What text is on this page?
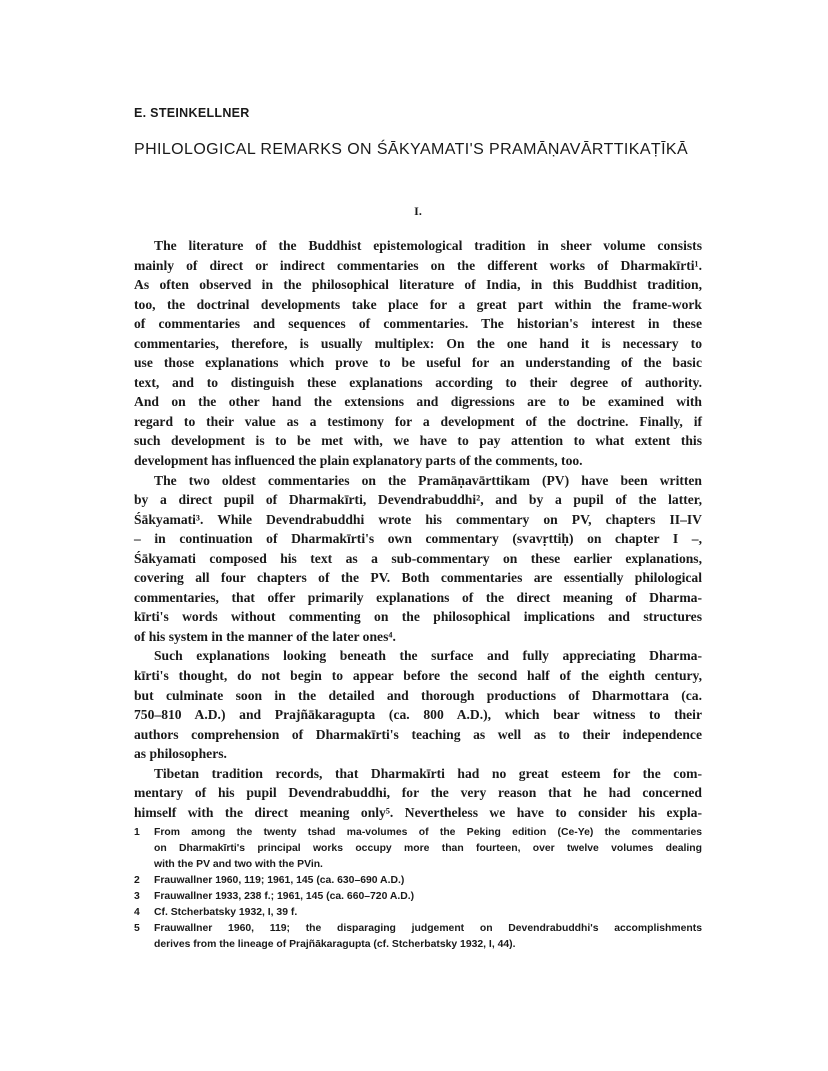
E. STEINKELLNER
PHILOLOGICAL REMARKS ON ŚĀKYAMATI'S PRAMĀṆAVĀRTTIKAṬĪKĀ
I.
The literature of the Buddhist epistemological tradition in sheer volume consists
mainly of direct or indirect commentaries on the different works of Dharmakīrti¹.
As often observed in the philosophical literature of India, in this Buddhist tradition,
too, the doctrinal developments take place for a great part within the frame-work
of commentaries and sequences of commentaries. The historian's interest in these
commentaries, therefore, is usually multiplex: On the one hand it is necessary to
use those explanations which prove to be useful for an understanding of the basic
text, and to distinguish these explanations according to their degree of authority.
And on the other hand the extensions and digressions are to be examined with
regard to their value as a testimony for a development of the doctrine. Finally, if
such development is to be met with, we have to pay attention to what extent this
development has influenced the plain explanatory parts of the comments, too.
The two oldest commentaries on the Pramāṇavārttikam (PV) have been written
by a direct pupil of Dharmakīrti, Devendrabuddhi², and by a pupil of the latter,
Śākyamati³. While Devendrabuddhi wrote his commentary on PV, chapters II–IV
– in continuation of Dharmakīrti's own commentary (svavṛttiḥ) on chapter I –,
Śākyamati composed his text as a sub-commentary on these earlier explanations,
covering all four chapters of the PV. Both commentaries are essentially philological
commentaries, that offer primarily explanations of the direct meaning of Dharma-
kīrti's words without commenting on the philosophical implications and structures
of his system in the manner of the later ones⁴.
Such explanations looking beneath the surface and fully appreciating Dharma-
kīrti's thought, do not begin to appear before the second half of the eighth century,
but culminate soon in the detailed and thorough productions of Dharmottara (ca.
750–810 A.D.) and Prajñākaragupta (ca. 800 A.D.), which bear witness to their
authors comprehension of Dharmakīrti's teaching as well as to their independence
as philosophers.
Tibetan tradition records, that Dharmakīrti had no great esteem for the com-
mentary of his pupil Devendrabuddhi, for the very reason that he had concerned
himself with the direct meaning only⁵. Nevertheless we have to consider his expla-
1	From among the twenty tshad ma-volumes of the Peking edition (Ce-Ye) the commentaries
on Dharmakīrti's principal works occupy more than fourteen, over twelve volumes dealing
with the PV and two with the PVin.
2	Frauwallner 1960, 119; 1961, 145 (ca. 630–690 A.D.)
3	Frauwallner 1933, 238 f.; 1961, 145 (ca. 660–720 A.D.)
4	Cf. Stcherbatsky 1932, I, 39 f.
5	Frauwallner 1960, 119; the disparaging judgement on Devendrabuddhi's accomplishments
derives from the lineage of Prajñākaragupta (cf. Stcherbatsky 1932, I, 44).
